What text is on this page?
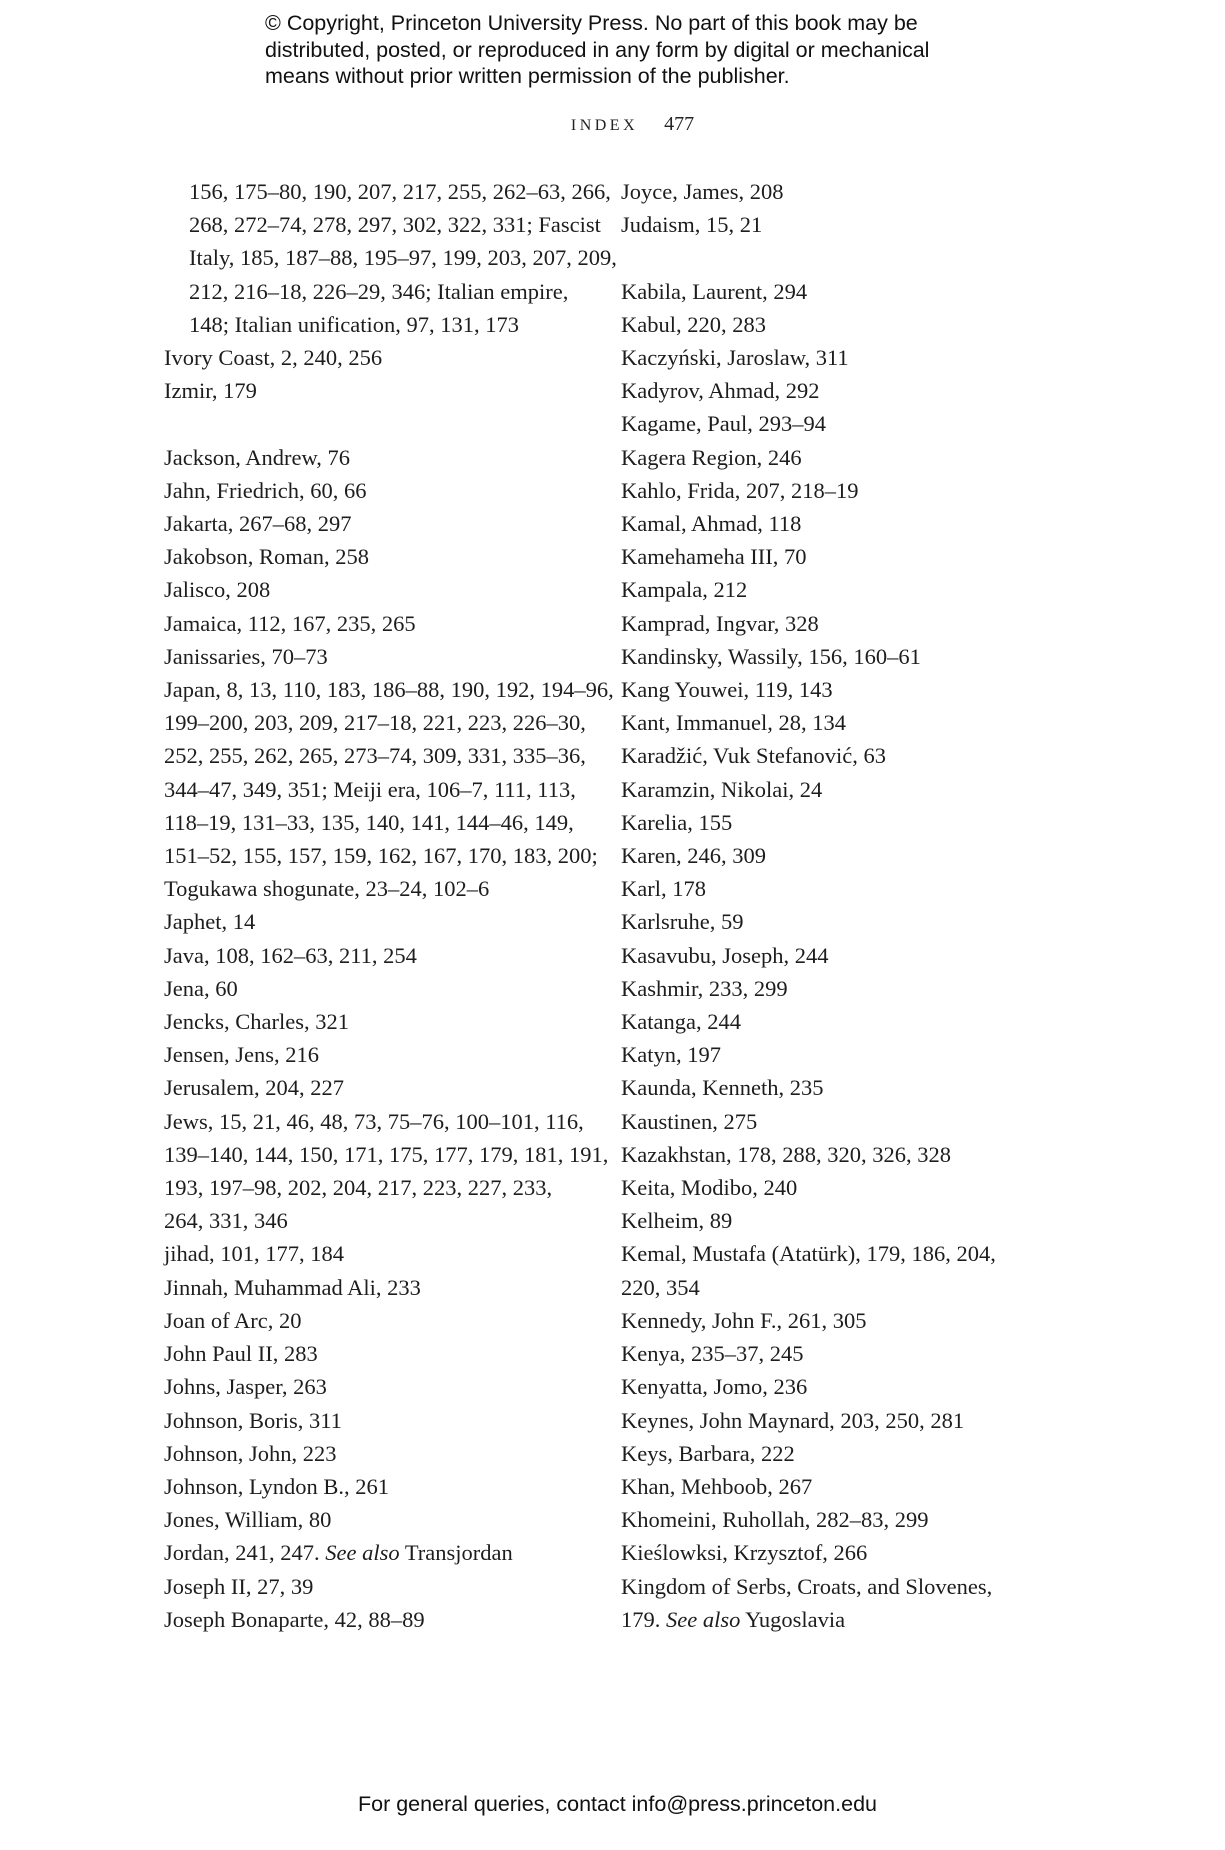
© Copyright, Princeton University Press. No part of this book may be
distributed, posted, or reproduced in any form by digital or mechanical
means without prior written permission of the publisher.
INDEX 477
156, 175–80, 190, 207, 217, 255, 262–63, 266,
268, 272–74, 278, 297, 302, 322, 331; Fascist
Italy, 185, 187–88, 195–97, 199, 203, 207, 209,
212, 216–18, 226–29, 346; Italian empire,
148; Italian unification, 97, 131, 173
Ivory Coast, 2, 240, 256
Izmir, 179
Jackson, Andrew, 76
Jahn, Friedrich, 60, 66
Jakarta, 267–68, 297
Jakobson, Roman, 258
Jalisco, 208
Jamaica, 112, 167, 235, 265
Janissaries, 70–73
Japan, 8, 13, 110, 183, 186–88, 190, 192, 194–96,
199–200, 203, 209, 217–18, 221, 223, 226–30,
252, 255, 262, 265, 273–74, 309, 331, 335–36,
344–47, 349, 351; Meiji era, 106–7, 111, 113,
118–19, 131–33, 135, 140, 141, 144–46, 149,
151–52, 155, 157, 159, 162, 167, 170, 183, 200;
Togukawa shogunate, 23–24, 102–6
Japhet, 14
Java, 108, 162–63, 211, 254
Jena, 60
Jencks, Charles, 321
Jensen, Jens, 216
Jerusalem, 204, 227
Jews, 15, 21, 46, 48, 73, 75–76, 100–101, 116,
139–140, 144, 150, 171, 175, 177, 179, 181, 191,
193, 197–98, 202, 204, 217, 223, 227, 233,
264, 331, 346
jihad, 101, 177, 184
Jinnah, Muhammad Ali, 233
Joan of Arc, 20
John Paul II, 283
Johns, Jasper, 263
Johnson, Boris, 311
Johnson, John, 223
Johnson, Lyndon B., 261
Jones, William, 80
Jordan, 241, 247. See also Transjordan
Joseph II, 27, 39
Joseph Bonaparte, 42, 88–89
Joyce, James, 208
Judaism, 15, 21
Kabila, Laurent, 294
Kabul, 220, 283
Kaczyński, Jaroslaw, 311
Kadyrov, Ahmad, 292
Kagame, Paul, 293–94
Kagera Region, 246
Kahlo, Frida, 207, 218–19
Kamal, Ahmad, 118
Kamehameha III, 70
Kampala, 212
Kamprad, Ingvar, 328
Kandinsky, Wassily, 156, 160–61
Kang Youwei, 119, 143
Kant, Immanuel, 28, 134
Karadžić, Vuk Stefanović, 63
Karamzin, Nikolai, 24
Karelia, 155
Karen, 246, 309
Karl, 178
Karlsruhe, 59
Kasavubu, Joseph, 244
Kashmir, 233, 299
Katanga, 244
Katyn, 197
Kaunda, Kenneth, 235
Kaustinen, 275
Kazakhstan, 178, 288, 320, 326, 328
Keita, Modibo, 240
Kelheim, 89
Kemal, Mustafa (Atatürk), 179, 186, 204,
220, 354
Kennedy, John F., 261, 305
Kenya, 235–37, 245
Kenyatta, Jomo, 236
Keynes, John Maynard, 203, 250, 281
Keys, Barbara, 222
Khan, Mehboob, 267
Khomeini, Ruhollah, 282–83, 299
Kieślowksi, Krzysztof, 266
Kingdom of Serbs, Croats, and Slovenes,
179. See also Yugoslavia
For general queries, contact info@press.princeton.edu
